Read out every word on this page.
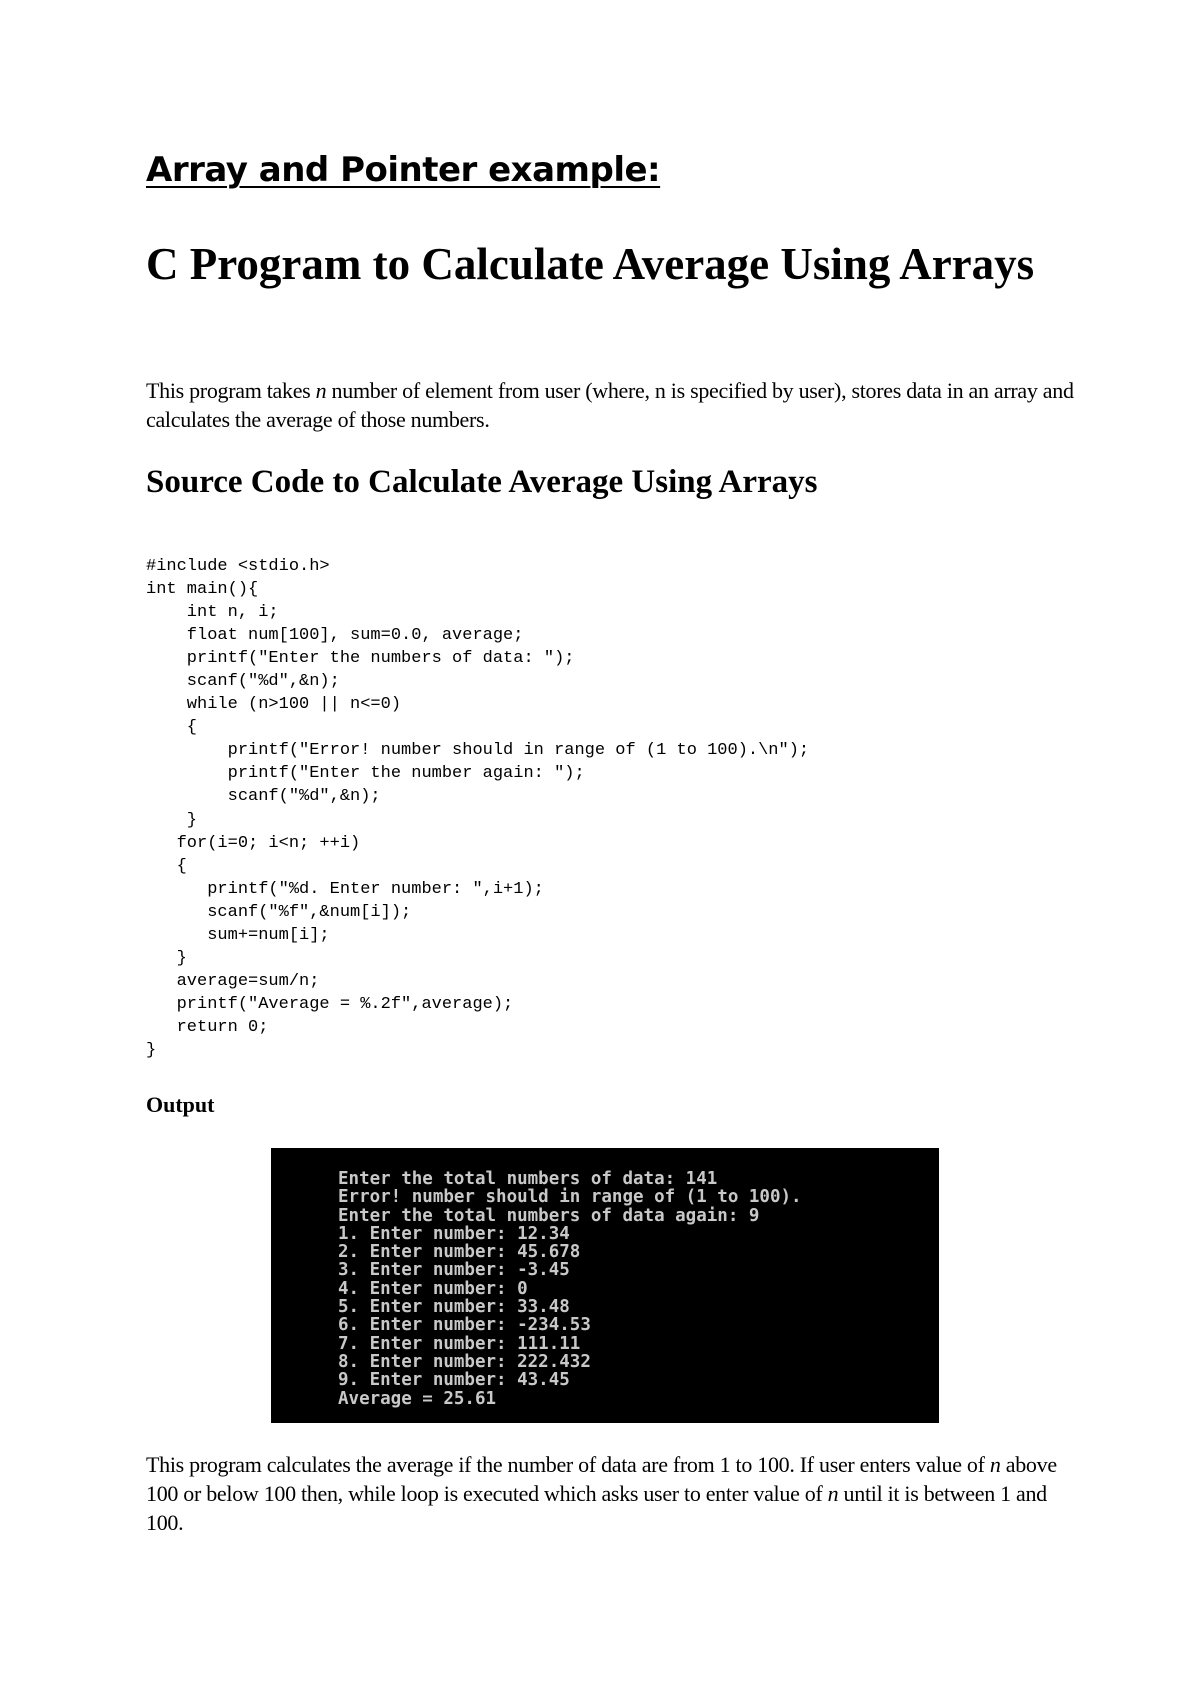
Array and Pointer example:
C Program to Calculate Average Using Arrays

This program takes n number of element from user (where, n is specified by user), stores data in an array and calculates the average of those numbers.

Source Code to Calculate Average Using Arrays
#include <stdio.h>
int main(){
int n, i;
float num[100], sum=0.0, average;
printf("Enter the numbers of data: ");
scanf("%d",&n);
while (n>100 || n<=0)
{
printf("Error! number should in range of (1 to 100).\n");
printf("Enter the number again: ");
scanf("%d",&n);
}
for(i=0; i<n; ++i)
{
printf("%d. Enter number: ",i+1);
scanf("%f",&num[i]);
sum+=num[i];
}
average=sum/n;
printf("Average = %.2f",average);
return 0;
}

Output

Enter the total numbers of data: 141
Error! number should in range of (1 to 100).
Enter the total numbers of data again: 9
1. Enter number: 12.34
2. Enter number: 45.678
3. Enter number: -3.45
4. Enter number: 0
5. Enter number: 33.48
6. Enter number: -234.53
7. Enter number: 111.11
8. Enter number: 222.432
9. Enter number: 43.45
Average = 25.61

This program calculates the average if the number of data are from 1 to 100. If user enters value of n above 100 or below 100 then, while loop is executed which asks user to enter value of n until it is between 1 and 100.
